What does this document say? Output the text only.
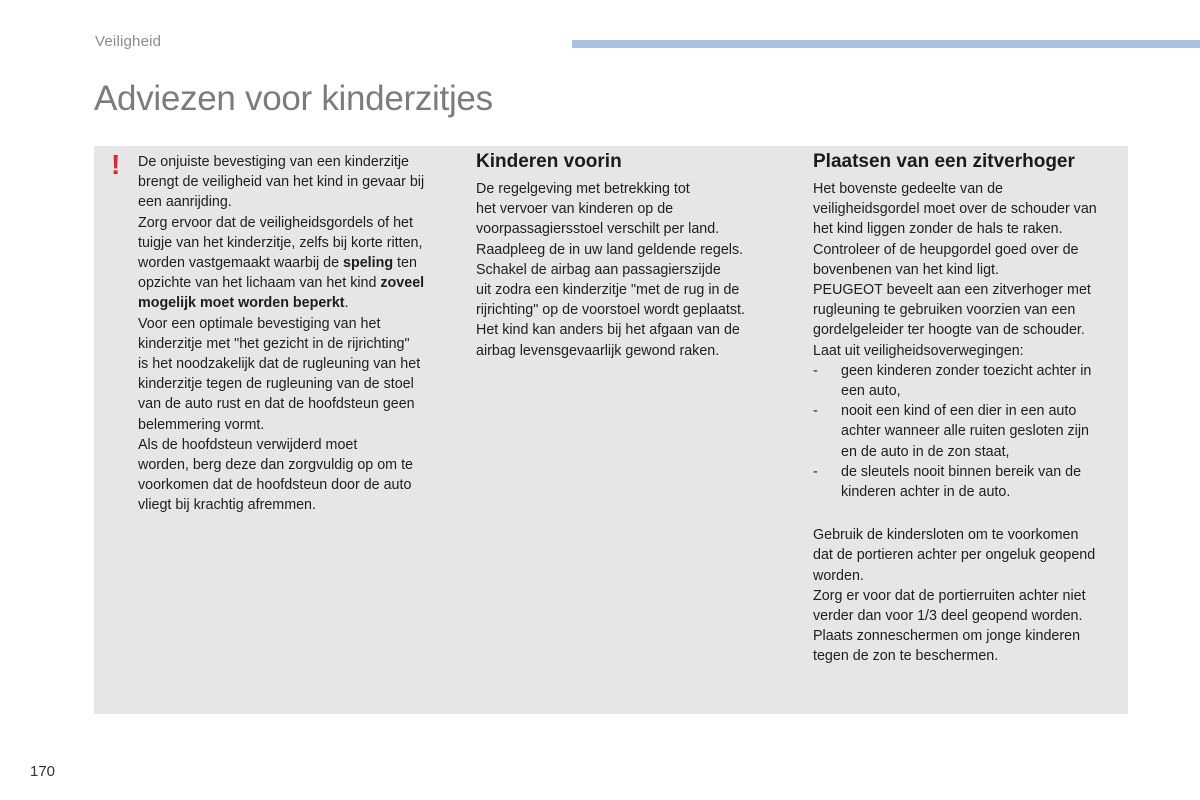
Veiligheid
Adviezen voor kinderzitjes
! De onjuiste bevestiging van een kinderzitje
brengt de veiligheid van het kind in gevaar bij
een aanrijding.

Zorg ervoor dat de veiligheidsgordels of het
tuigje van het kinderzitje, zelfs bij korte ritten,
worden vastgemaakt waarbij de speling ten
opzichte van het lichaam van het kind zoveel
mogelijk moet worden beperkt.

Voor een optimale bevestiging van het
kinderzitje met "het gezicht in de rijrichting"
is het noodzakelijk dat de rugleuning van het
kinderzitje tegen de rugleuning van de stoel
van de auto rust en dat de hoofdsteun geen
belemmering vormt.

Als de hoofdsteun verwijderd moet
worden, berg deze dan zorgvuldig op om te
voorkomen dat de hoofdsteun door de auto
vliegt bij krachtig afremmen.

Kinderen voorin

De regelgeving met betrekking tot
het vervoer van kinderen op de
voorpassagiersstoel verschilt per land.
Raadpleeg de in uw land geldende regels.
Schakel de airbag aan passagierszijde
uit zodra een kinderzitje "met de rug in de
rijrichting" op de voorstoel wordt geplaatst.
Het kind kan anders bij het afgaan van de
airbag levensgevaarlijk gewond raken.

Plaatsen van een zitverhoger

Het bovenste gedeelte van de
veiligheidsgordel moet over de schouder van
het kind liggen zonder de hals te raken.
Controleer of de heupgordel goed over de
bovenbenen van het kind ligt.
PEUGEOT beveelt aan een zitverhoger met
rugleuning te gebruiken voorzien van een
gordelgeleider ter hoogte van de schouder.
Laat uit veiligheidsoverwegingen:

- geen kinderen zonder toezicht achter in
een auto,
- nooit een kind of een dier in een auto
achter wanneer alle ruiten gesloten zijn
en de auto in de zon staat,
- de sleutels nooit binnen bereik van de
kinderen achter in de auto.

Gebruik de kindersloten om te voorkomen
dat de portieren achter per ongeluk geopend
worden.
Zorg er voor dat de portierruiten achter niet
verder dan voor 1/3 deel geopend worden.
Plaats zonneschermen om jonge kinderen
tegen de zon te beschermen.

170
